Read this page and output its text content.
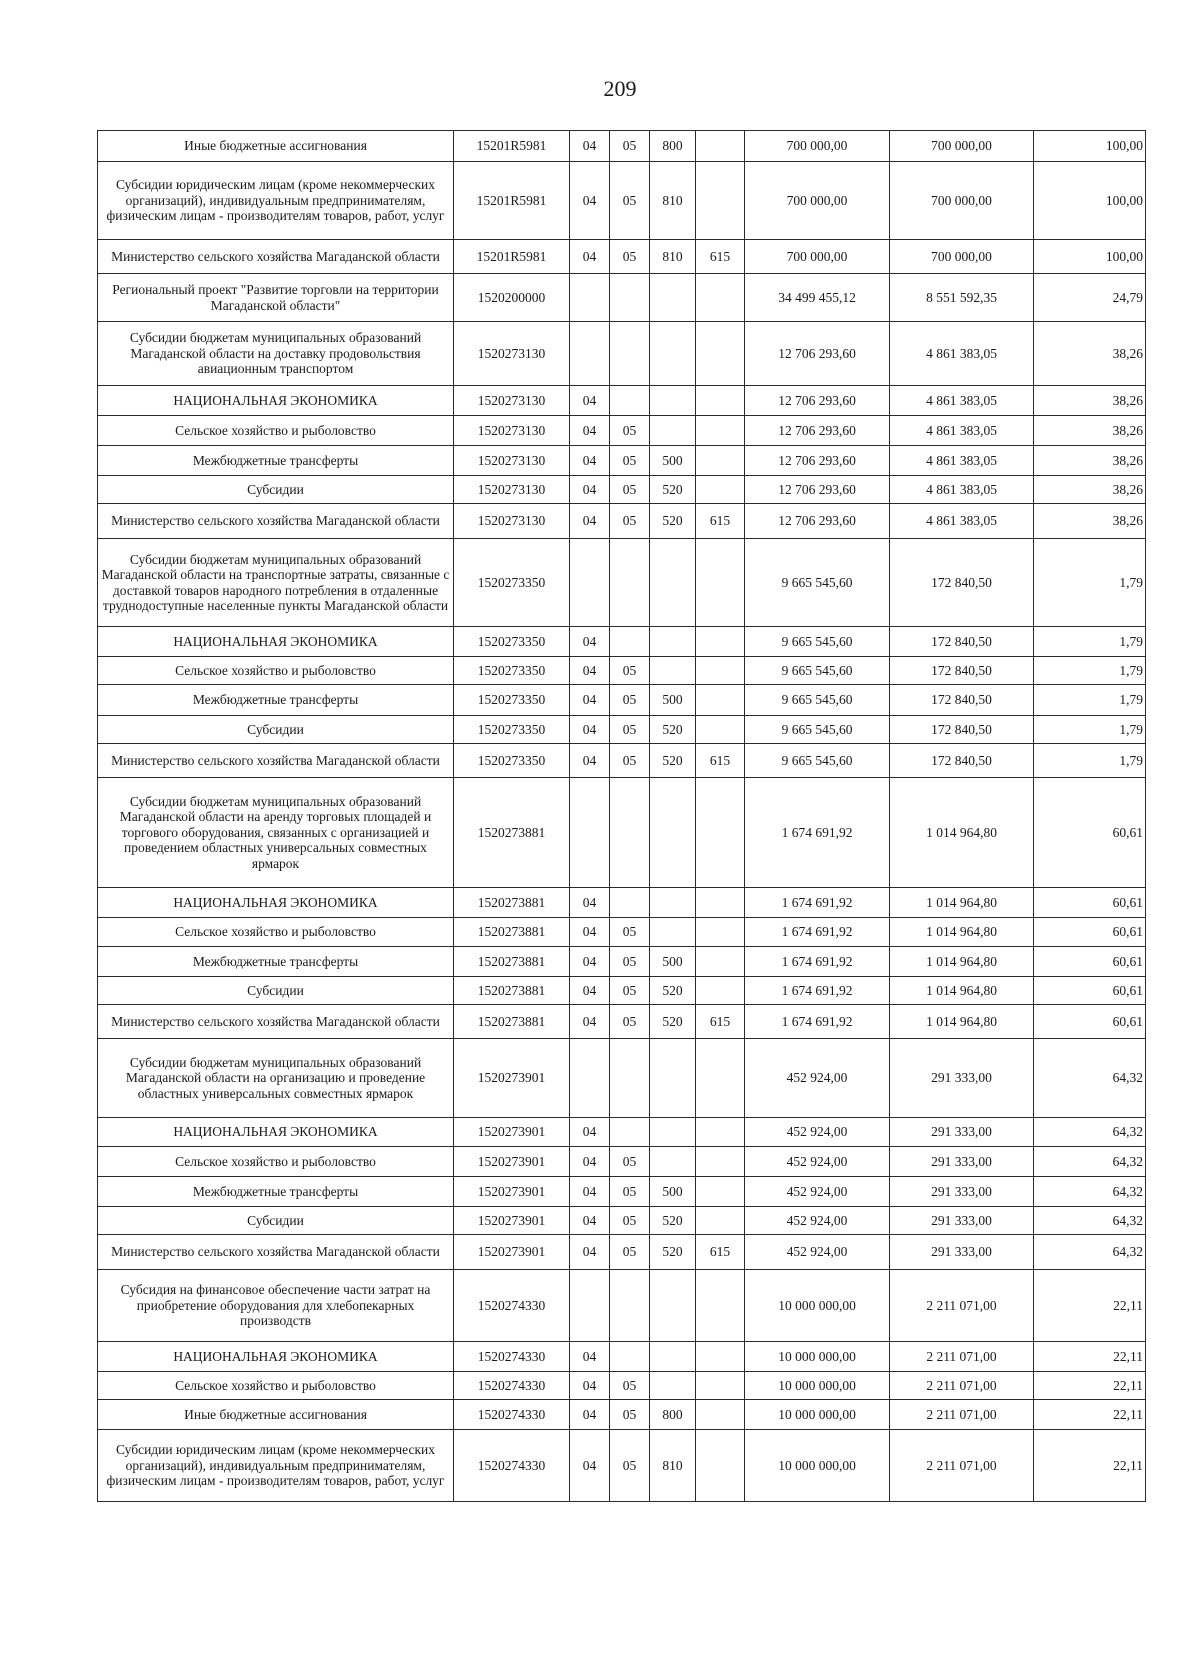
209
Иные бюджетные ассигнования	15201R5981	04	05	800		700 000,00	700 000,00	100,00
Субсидии юридическим лицам (кроме некоммерческих организаций), индивидуальным предпринимателям, физическим лицам - производителям товаров, работ, услуг	15201R5981	04	05	810		700 000,00	700 000,00	100,00
Министерство сельского хозяйства Магаданской области	15201R5981	04	05	810	615	700 000,00	700 000,00	100,00
Региональный проект "Развитие торговли на территории Магаданской области"	1520200000					34 499 455,12	8 551 592,35	24,79
Субсидии бюджетам муниципальных образований Магаданской области на доставку продовольствия авиационным транспортом	1520273130					12 706 293,60	4 861 383,05	38,26
НАЦИОНАЛЬНАЯ ЭКОНОМИКА	1520273130	04				12 706 293,60	4 861 383,05	38,26
Сельское хозяйство и рыболовство	1520273130	04	05			12 706 293,60	4 861 383,05	38,26
Межбюджетные трансферты	1520273130	04	05	500		12 706 293,60	4 861 383,05	38,26
Субсидии	1520273130	04	05	520		12 706 293,60	4 861 383,05	38,26
Министерство сельского хозяйства Магаданской области	1520273130	04	05	520	615	12 706 293,60	4 861 383,05	38,26
Субсидии бюджетам муниципальных образований Магаданской области на транспортные затраты, связанные с доставкой товаров народного потребления в отдаленные труднодоступные населенные пункты Магаданской области	1520273350					9 665 545,60	172 840,50	1,79
НАЦИОНАЛЬНАЯ ЭКОНОМИКА	1520273350	04				9 665 545,60	172 840,50	1,79
Сельское хозяйство и рыболовство	1520273350	04	05			9 665 545,60	172 840,50	1,79
Межбюджетные трансферты	1520273350	04	05	500		9 665 545,60	172 840,50	1,79
Субсидии	1520273350	04	05	520		9 665 545,60	172 840,50	1,79
Министерство сельского хозяйства Магаданской области	1520273350	04	05	520	615	9 665 545,60	172 840,50	1,79
Субсидии бюджетам муниципальных образований Магаданской области на аренду торговых площадей и торгового оборудования, связанных с организацией и проведением областных универсальных совместных ярмарок	1520273881					1 674 691,92	1 014 964,80	60,61
НАЦИОНАЛЬНАЯ ЭКОНОМИКА	1520273881	04				1 674 691,92	1 014 964,80	60,61
Сельское хозяйство и рыболовство	1520273881	04	05			1 674 691,92	1 014 964,80	60,61
Межбюджетные трансферты	1520273881	04	05	500		1 674 691,92	1 014 964,80	60,61
Субсидии	1520273881	04	05	520		1 674 691,92	1 014 964,80	60,61
Министерство сельского хозяйства Магаданской области	1520273881	04	05	520	615	1 674 691,92	1 014 964,80	60,61
Субсидии бюджетам муниципальных образований Магаданской области на организацию и проведение областных универсальных совместных ярмарок	1520273901					452 924,00	291 333,00	64,32
НАЦИОНАЛЬНАЯ ЭКОНОМИКА	1520273901	04				452 924,00	291 333,00	64,32
Сельское хозяйство и рыболовство	1520273901	04	05			452 924,00	291 333,00	64,32
Межбюджетные трансферты	1520273901	04	05	500		452 924,00	291 333,00	64,32
Субсидии	1520273901	04	05	520		452 924,00	291 333,00	64,32
Министерство сельского хозяйства Магаданской области	1520273901	04	05	520	615	452 924,00	291 333,00	64,32
Субсидия на финансовое обеспечение части затрат на приобретение оборудования для хлебопекарных производств	1520274330					10 000 000,00	2 211 071,00	22,11
НАЦИОНАЛЬНАЯ ЭКОНОМИКА	1520274330	04				10 000 000,00	2 211 071,00	22,11
Сельское хозяйство и рыболовство	1520274330	04	05			10 000 000,00	2 211 071,00	22,11
Иные бюджетные ассигнования	1520274330	04	05	800		10 000 000,00	2 211 071,00	22,11
Субсидии юридическим лицам (кроме некоммерческих организаций), индивидуальным предпринимателям, физическим лицам - производителям товаров, работ, услуг	1520274330	04	05	810		10 000 000,00	2 211 071,00	22,11
